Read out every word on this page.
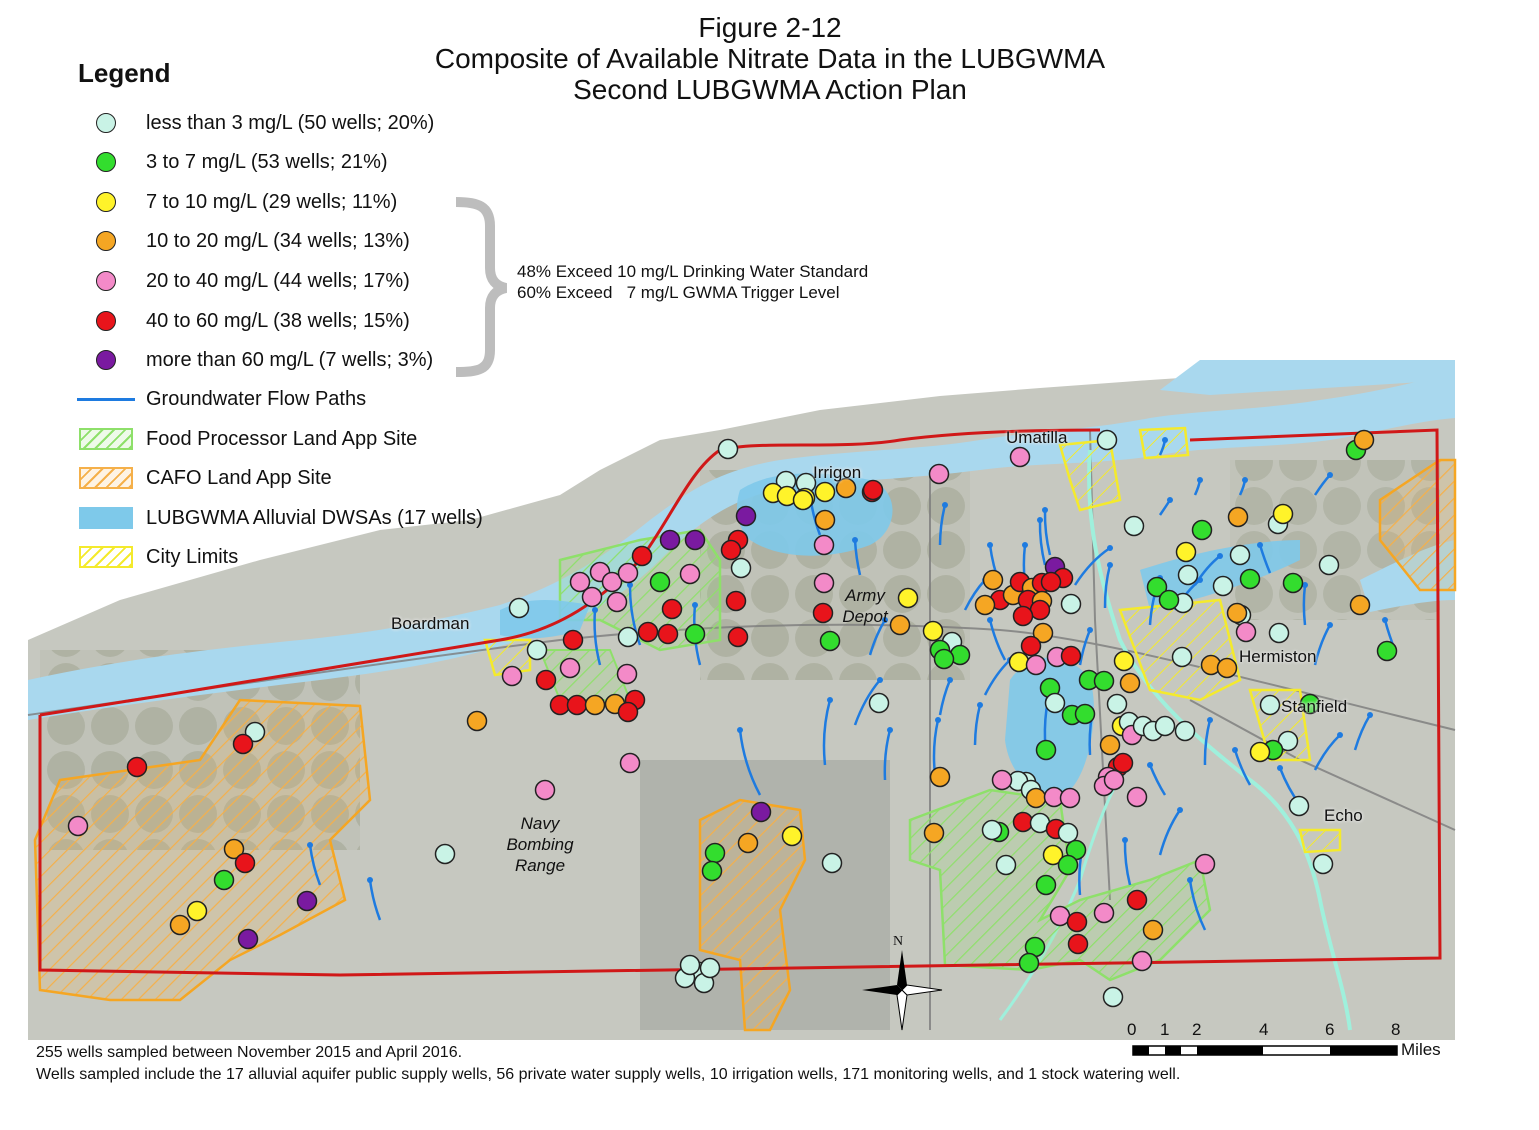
Figure 2-12
Composite of Available Nitrate Data in the LUBGWMA
Second LUBGWMA Action Plan
Legend
less than 3 mg/L (50 wells; 20%)
3 to 7 mg/L (53 wells; 21%)
7 to 10 mg/L (29 wells; 11%)
10 to 20 mg/L (34 wells; 13%)
20 to 40 mg/L (44 wells; 17%)
40 to 60 mg/L (38 wells; 15%)
more than 60 mg/L (7 wells; 3%)
Groundwater Flow Paths
Food Processor Land App Site
CAFO Land App Site
LUBGWMA Alluvial DWSAs (17 wells)
City Limits
48% Exceed 10 mg/L Drinking Water Standard
60% Exceed   7 mg/L GWMA Trigger Level
Umatilla
Irrigon
Boardman
Hermiston
Stanfield
Echo
Army
Depot
Navy
Bombing
Range
N
0 1 2	4	6	8
Miles
255 wells sampled between November 2015 and April 2016.
Wells sampled include the 17 alluvial aquifer public supply wells, 56 private water supply wells, 10 irrigation wells, 171 monitoring wells, and 1 stock watering well.
